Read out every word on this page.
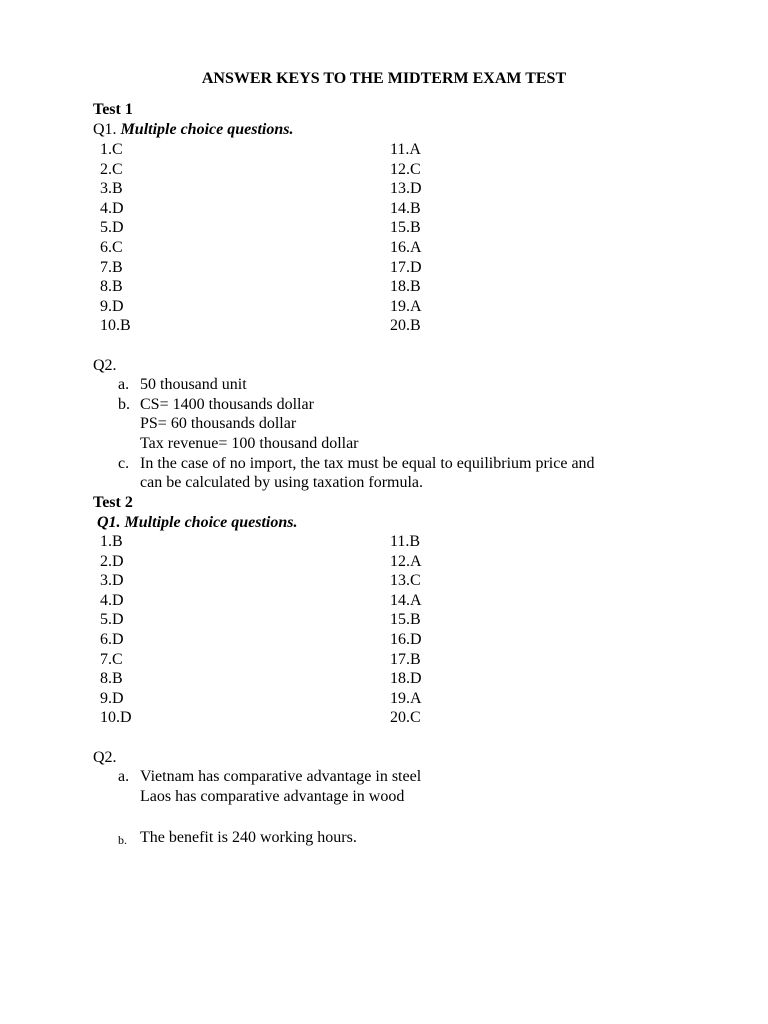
ANSWER KEYS TO THE MIDTERM EXAM TEST
Test 1
Q1. Multiple choice questions.
1.C
2.C
3.B
4.D
5.D
6.C
7.B
8.B
9.D
10.B
11.A
12.C
13.D
14.B
15.B
16.A
17.D
18.B
19.A
20.B
Q2.
a. 50 thousand unit
b. CS= 1400 thousands dollar
PS= 60 thousands dollar
Tax revenue= 100 thousand dollar
c. In the case of no import, the tax must be equal to equilibrium price and
can be calculated by using taxation formula.
Test 2
Q1. Multiple choice questions.
1.B
2.D
3.D
4.D
5.D
6.D
7.C
8.B
9.D
10.D
11.B
12.A
13.C
14.A
15.B
16.D
17.B
18.D
19.A
20.C
Q2.
a. Vietnam has comparative advantage in steel
Laos has comparative advantage in wood
b. The benefit is 240 working hours.
